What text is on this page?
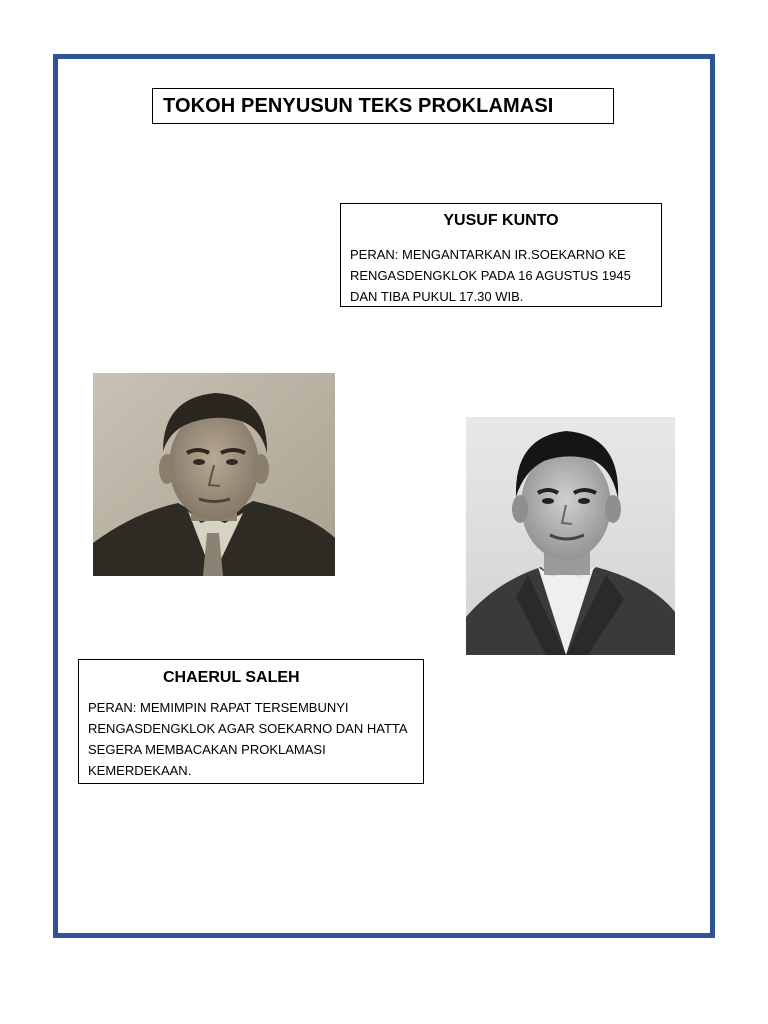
TOKOH PENYUSUN TEKS PROKLAMASI
YUSUF KUNTO
PERAN: MENGANTARKAN IR.SOEKARNO KE RENGASDENGKLOK PADA 16 AGUSTUS 1945 DAN TIBA PUKUL 17.30 WIB.
CHAERUL SALEH
PERAN: MEMIMPIN RAPAT TERSEMBUNYI RENGASDENGKLOK AGAR SOEKARNO DAN HATTA SEGERA MEMBACAKAN PROKLAMASI KEMERDEKAAN.
